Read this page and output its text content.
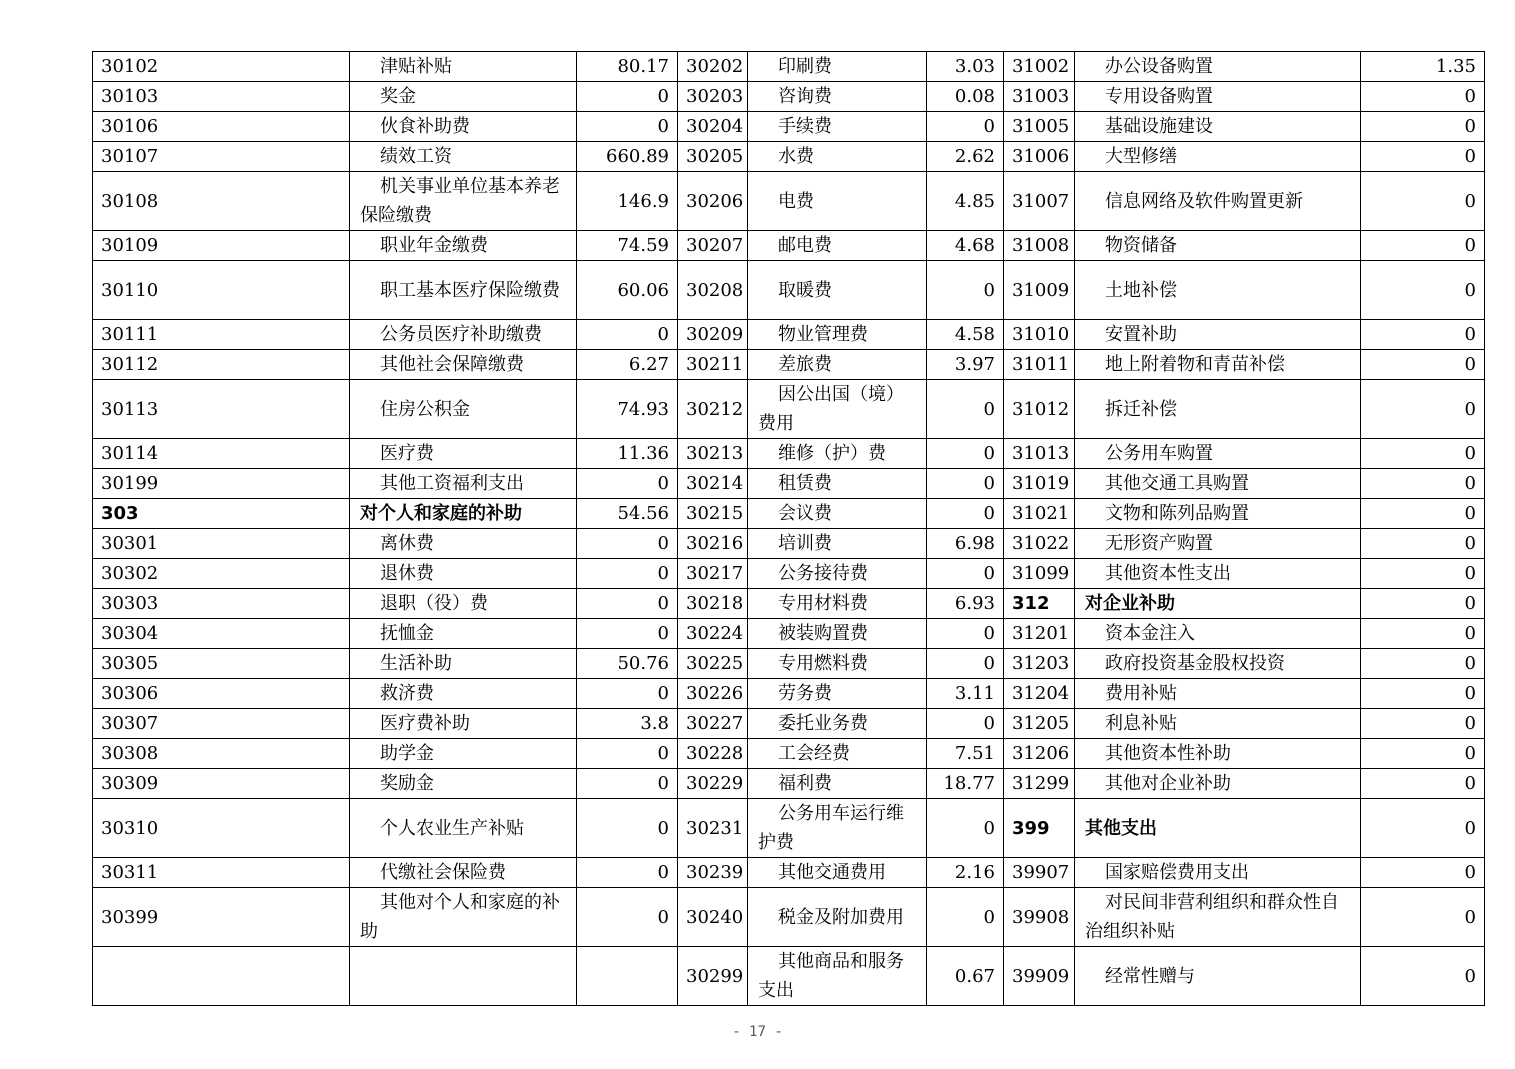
30102	津贴补贴	80.17	30202	印刷费	3.03	31002	办公设备购置	1.35
30103	奖金	0	30203	咨询费	0.08	31003	专用设备购置	0
30106	伙食补助费	0	30204	手续费	0	31005	基础设施建设	0
30107	绩效工资	660.89	30205	水费	2.62	31006	大型修缮	0
30108	机关事业单位基本养老保险缴费	146.9	30206	电费	4.85	31007	信息网络及软件购置更新	0
30109	职业年金缴费	74.59	30207	邮电费	4.68	31008	物资储备	0
30110	职工基本医疗保险缴费	60.06	30208	取暖费	0	31009	土地补偿	0
30111	公务员医疗补助缴费	0	30209	物业管理费	4.58	31010	安置补助	0
30112	其他社会保障缴费	6.27	30211	差旅费	3.97	31011	地上附着物和青苗补偿	0
30113	住房公积金	74.93	30212	因公出国（境）费用	0	31012	拆迁补偿	0
30114	医疗费	11.36	30213	维修（护）费	0	31013	公务用车购置	0
30199	其他工资福利支出	0	30214	租赁费	0	31019	其他交通工具购置	0
303	对个人和家庭的补助	54.56	30215	会议费	0	31021	文物和陈列品购置	0
30301	离休费	0	30216	培训费	6.98	31022	无形资产购置	0
30302	退休费	0	30217	公务接待费	0	31099	其他资本性支出	0
30303	退职（役）费	0	30218	专用材料费	6.93	312	对企业补助	0
30304	抚恤金	0	30224	被装购置费	0	31201	资本金注入	0
30305	生活补助	50.76	30225	专用燃料费	0	31203	政府投资基金股权投资	0
30306	救济费	0	30226	劳务费	3.11	31204	费用补贴	0
30307	医疗费补助	3.8	30227	委托业务费	0	31205	利息补贴	0
30308	助学金	0	30228	工会经费	7.51	31206	其他资本性补助	0
30309	奖励金	0	30229	福利费	18.77	31299	其他对企业补助	0
30310	个人农业生产补贴	0	30231	公务用车运行维护费	0	399	其他支出	0
30311	代缴社会保险费	0	30239	其他交通费用	2.16	39907	国家赔偿费用支出	0
30399	其他对个人和家庭的补助	0	30240	税金及附加费用	0	39908	对民间非营利组织和群众性自治组织补贴	0
			30299	其他商品和服务支出	0.67	39909	经常性赠与	0
- 17 -
